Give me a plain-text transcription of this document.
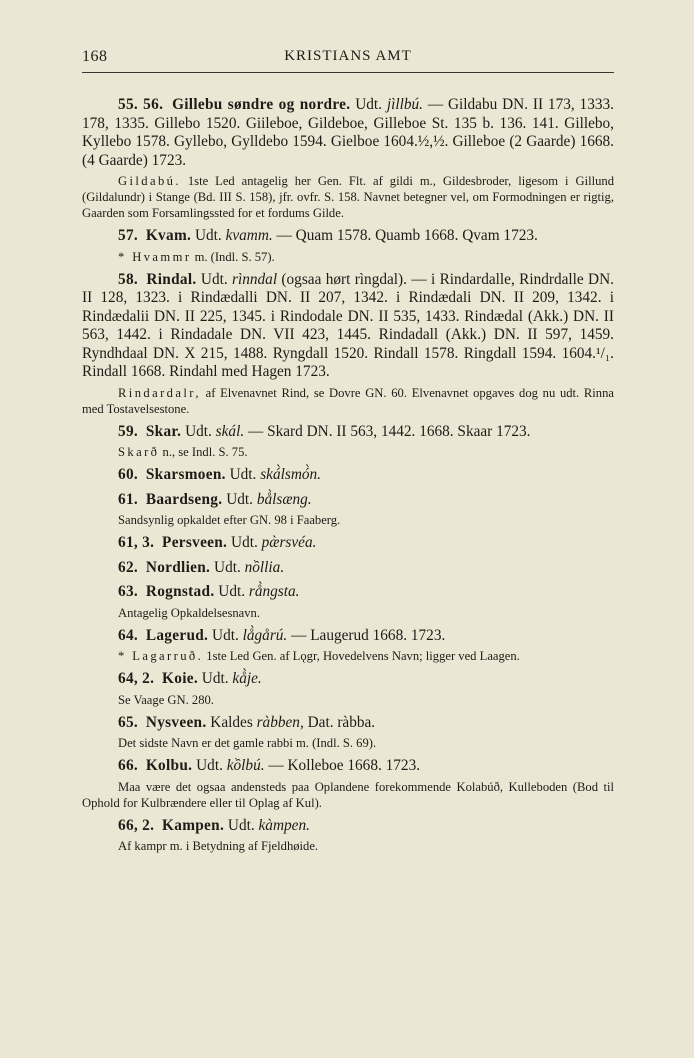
168	KRISTIANS AMT

55. 56. Gillebu søndre og nordre. Udt. jìllbú. — Gildabu DN. II 173, 1333. 178, 1335. Gillebo 1520. Giileboe, Gildeboe, Gilleboe St. 135 b. 136. 141. Gillebo, Kyllebo 1578. Gyllebo, Gylldebo 1594. Gielboe 1604.½,½. Gilleboe (2 Gaarde) 1668. (4 Gaarde) 1723.

Gildabú. 1ste Led antagelig her Gen. Flt. af gildi m., Gildesbroder, ligesom i Gillund (Gildalundr) i Stange (Bd. III S. 158), jfr. ovfr. S. 158. Navnet betegner vel, om Formodningen er rigtig, Gaarden som Forsamlingssted for et fordums Gilde.

57. Kvam. Udt. kvamm. — Quam 1578. Quamb 1668. Qvam 1723.

* Hvammr m. (Indl. S. 57).

58. Rindal. Udt. rìnndal (ogsaa hørt rìngdal). — i Rindardalle, Rindrdalle DN. II 128, 1323. i Rindædalli DN. II 207, 1342. i Rindædali DN. II 209, 1342. i Rindædalii DN. II 225, 1345. i Rindodale DN. II 535, 1433. Rindædal (Akk.) DN. II 563, 1442. i Rindadale DN. VII 423, 1445. Rindadall (Akk.) DN. II 597, 1459. Ryndhdaal DN. X 215, 1488. Ryngdall 1520. Rindall 1578. Ringdall 1594. 1604.¹/₁. Rindall 1668. Rindahl med Hagen 1723.

Rindardalr, af Elvenavnet Rind, se Dovre GN. 60. Elvenavnet opgaves dog nu udt. Rinna med Tostavelsestone.

59. Skar. Udt. skál. — Skard DN. II 563, 1442. 1668. Skaar 1723.

Skarð n., se Indl. S. 75.

60. Skarsmoen. Udt. ská̀lsmó̀n.

61. Baardseng. Udt. bå̀lsæng.

Sandsynlig opkaldet efter GN. 98 i Faaberg.

61, 3. Persveen. Udt. pæ̀rsvéa.

62. Nordlien. Udt. nồllia.

63. Rognstad. Udt. rå̀ngsta.

Antagelig Opkaldelsesnavn.

64. Lagerud. Udt. lå̀gårú. — Laugerud 1668. 1723.

* Lagarruð. 1ste Led Gen. af Lǫgr, Hovedelvens Navn; ligger ved Laagen.

64, 2. Koie. Udt. kå̀je.

Se Vaage GN. 280.

65. Nysveen. Kaldes ràbben, Dat. ràbba.

Det sidste Navn er det gamle rabbi m. (Indl. S. 69).

66. Kolbu. Udt. kồlbú. — Kolleboe 1668. 1723.

Maa være det ogsaa andensteds paa Oplandene forekommende Kolabúð, Kulleboden (Bod til Ophold for Kulbrændere eller til Oplag af Kul).

66, 2. Kampen. Udt. kàmpen.

Af kampr m. i Betydning af Fjeldhøide.
